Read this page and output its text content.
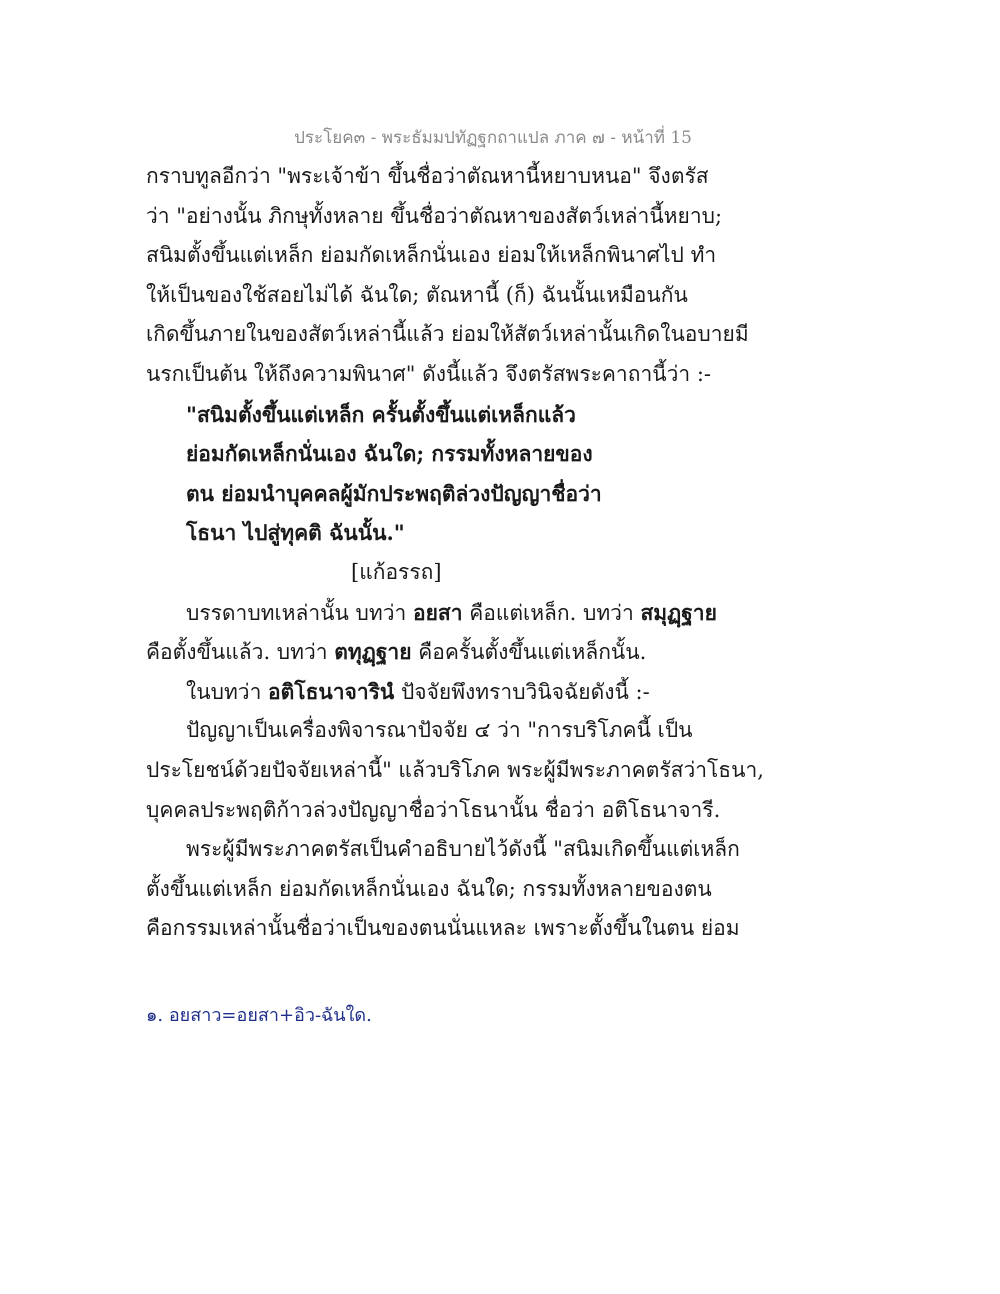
ประโยค๓ - พระธัมมปทัฏฐกถาแปล ภาค ๗ - หน้าที่ 15
กราบทูลอีกว่า "พระเจ้าข้า ขึ้นชื่อว่าตัณหานี้หยาบหนอ" จึงตรัส
ว่า "อย่างนั้น ภิกษุทั้งหลาย ขึ้นชื่อว่าตัณหาของสัตว์เหล่านี้หยาบ;
สนิมตั้งขึ้นแต่เหล็ก ย่อมกัดเหล็กนั่นเอง ย่อมให้เหล็กพินาศไป ทำ
ให้เป็นของใช้สอยไม่ได้ ฉันใด; ตัณหานี้ (ก็) ฉันนั้นเหมือนกัน
เกิดขึ้นภายในของสัตว์เหล่านี้แล้ว ย่อมให้สัตว์เหล่านั้นเกิดในอบายมี
นรกเป็นต้น ให้ถึงความพินาศ" ดังนี้แล้ว จึงตรัสพระคาถานี้ว่า :-
"สนิมตั้งขึ้นแต่เหล็ก ครั้นตั้งขึ้นแต่เหล็กแล้ว
ย่อมกัดเหล็กนั่นเอง ฉันใด; กรรมทั้งหลายของ
ตน ย่อมนำบุคคลผู้มักประพฤติล่วงปัญญาชื่อว่า
โธนา ไปสู่ทุคติ ฉันนั้น."
[แก้อรรถ]
บรรดาบทเหล่านั้น บทว่า อยสา คือแต่เหล็ก. บทว่า สมุฏฺฐาย
คือตั้งขึ้นแล้ว. บทว่า ตทุฏฺฐาย คือครั้นตั้งขึ้นแต่เหล็กนั้น.
ในบทว่า อติโธนาจารินํ ปัจจัยพึงทราบวินิจฉัยดังนี้ :-
ปัญญาเป็นเครื่องพิจารณาปัจจัย ๔ ว่า "การบริโภคนี้ เป็น
ประโยชน์ด้วยปัจจัยเหล่านี้" แล้วบริโภค พระผู้มีพระภาคตรัสว่าโธนา,
บุคคลประพฤติก้าวล่วงปัญญาชื่อว่าโธนานั้น ชื่อว่า อติโธนาจารี.
พระผู้มีพระภาคตรัสเป็นคำอธิบายไว้ดังนี้ "สนิมเกิดขึ้นแต่เหล็ก
ตั้งขึ้นแต่เหล็ก ย่อมกัดเหล็กนั่นเอง ฉันใด; กรรมทั้งหลายของตน
คือกรรมเหล่านั้นชื่อว่าเป็นของตนนั่นแหละ เพราะตั้งขึ้นในตน ย่อม
๑. อยสาว=อยสา+อิว-ฉันใด.
